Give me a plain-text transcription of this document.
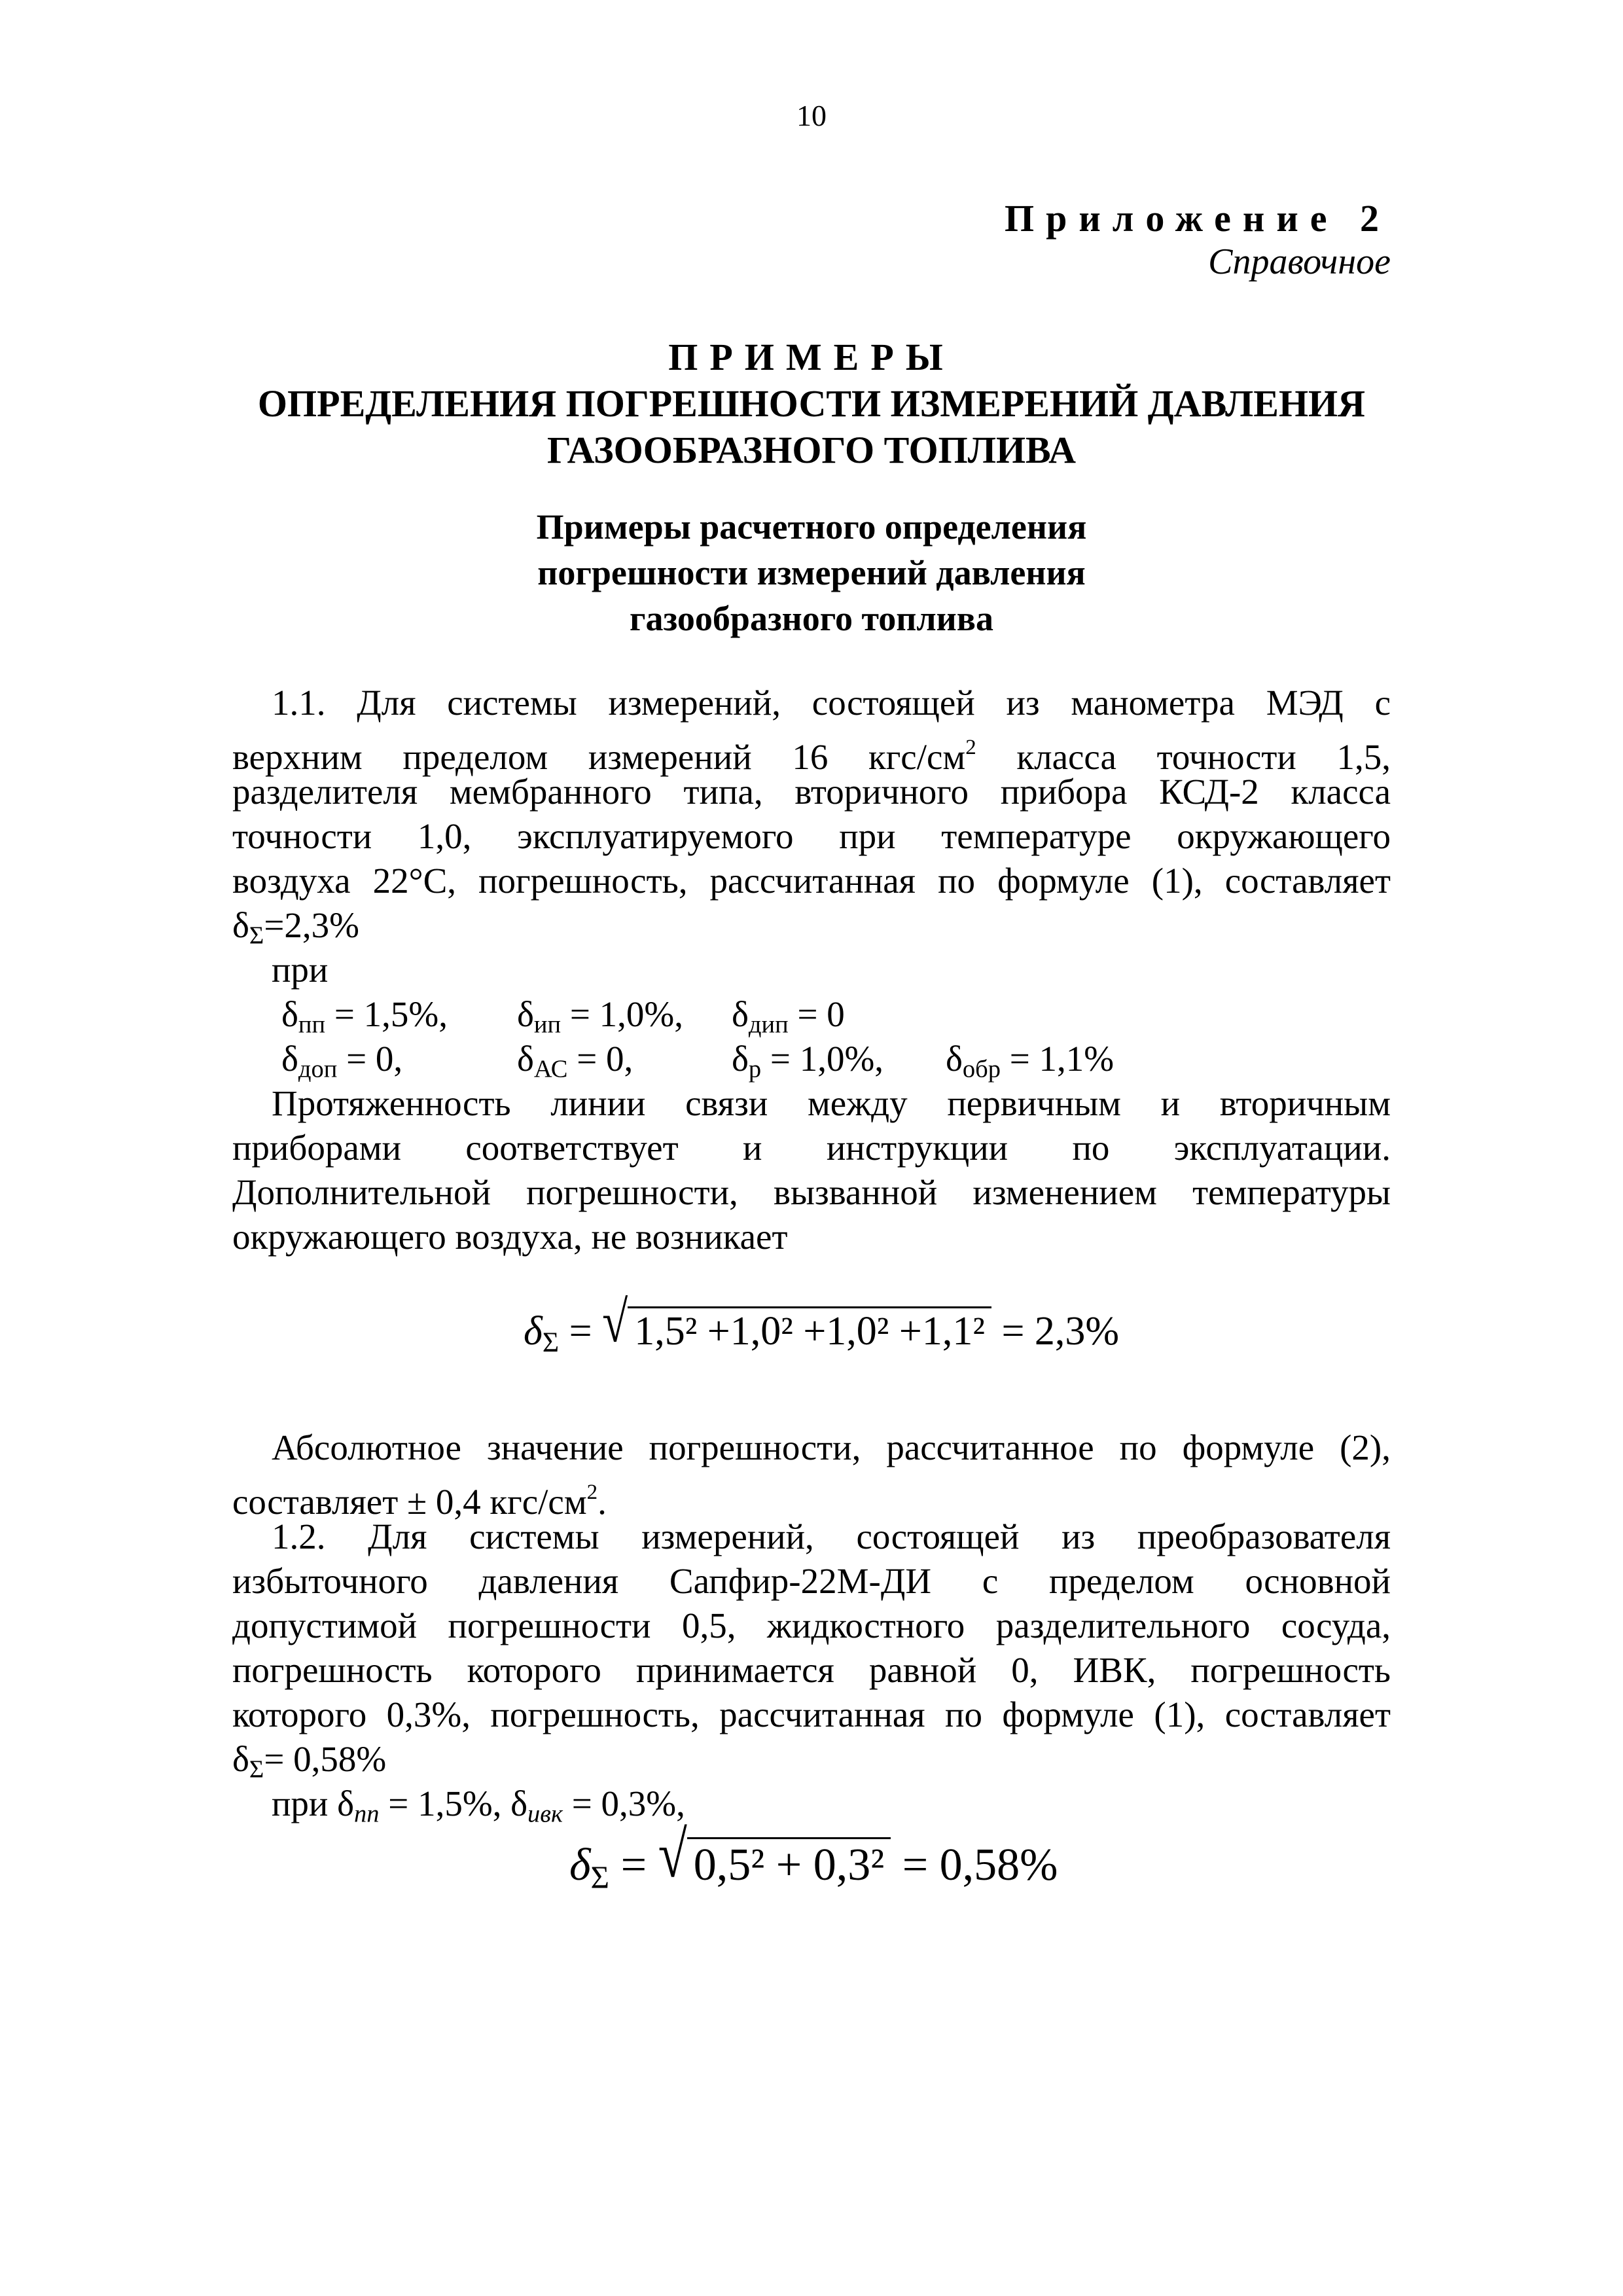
10
Приложение 2
Справочное
ПРИМЕРЫ
ОПРЕДЕЛЕНИЯ ПОГРЕШНОСТИ ИЗМЕРЕНИЙ ДАВЛЕНИЯ
ГАЗООБРАЗНОГО ТОПЛИВА
Примеры расчетного определения
погрешности измерений давления
газообразного топлива
1.1. Для системы измерений, состоящей из манометра МЭД с
верхним пределом измерений 16 кгс/$см^2$ класса точности 1,5,
разделителя мембранного типа, вторичного прибора КСД-2 класса
точности 1,0, эксплуатируемого при температуре окружающего
воздуха 22°С, погрешность, рассчитанная по формуле (1), составляет
$\delta_\Sigma=2,3\%$
при
$\delta_{пп} = 1,5\%$,	$\delta_{ип} = 1,0\%$,	$\delta_{дип} = 0$
$\delta_{доп} = 0$,	$\delta_{АС} = 0$,	$\delta_р = 1,0\%$,	$\delta_{обр} = 1,1\%$
Протяженность линии связи между первичным и вторичным
приборами соответствует и инструкции по эксплуатации.
Дополнительной погрешности, вызванной изменением температуры
окружающего воздуха, не возникает
$\delta_\Sigma$ = √ 1,5² +1,0² +1,0² +1,1² = 2,3%
Абсолютное значение погрешности, рассчитанное по формуле (2),
составляет ± 0,4 кгс/$см^2$.
1.2. Для системы измерений, состоящей из преобразователя
избыточного давления Сапфир-22М-ДИ с пределом основной
допустимой погрешности 0,5, жидкостного разделительного сосуда,
погрешность которого принимается равной 0, ИВК, погрешность
которого 0,3%, погрешность, рассчитанная по формуле (1), составляет
$\delta_\Sigma= 0,58\%$
при $\delta_{пп} = 1,5\%$, $\delta_{ивк} = 0,3\%$,
$\delta_\Sigma$ = √ 0,5² + 0,3² = 0,58%
